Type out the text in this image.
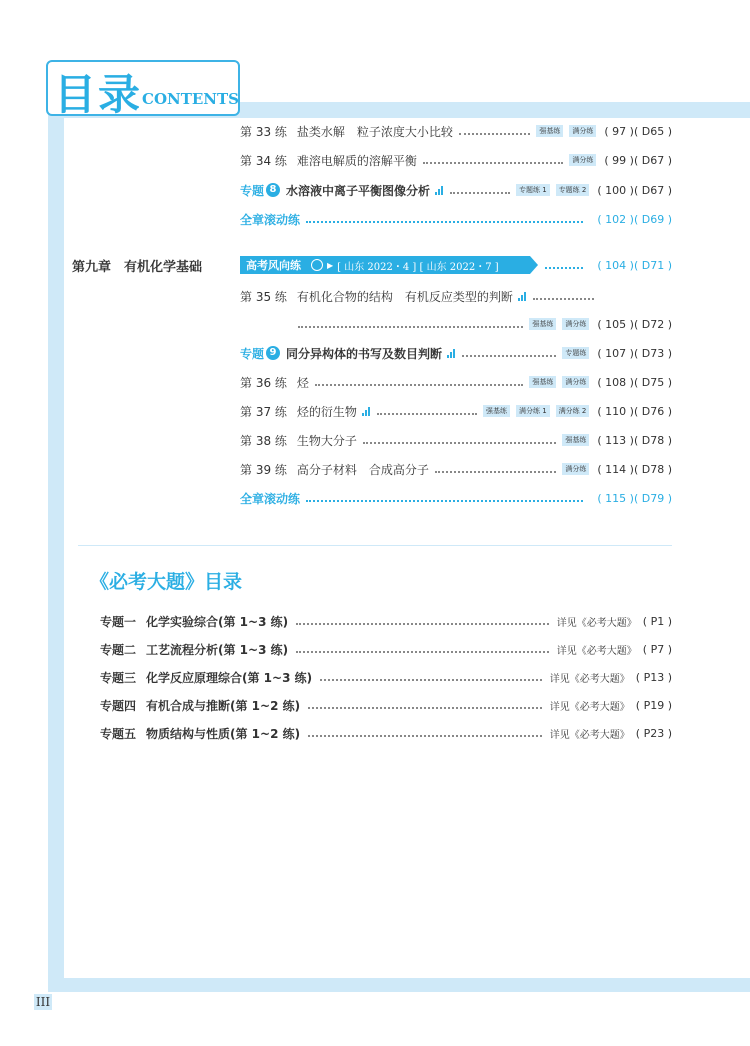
目录 CONTENTS
第 33 练 盐类水解　粒子浓度大小比较	强基练	满分练 ( 97 )( D65 )
第 34 练 难溶电解质的溶解平衡	满分练 ( 99 )( D67 )
专题 8 水溶液中离子平衡图像分析	专题练 1	专题练 2 ( 100 )( D67 )
全章滚动练	( 102 )( D69 )
第九章　有机化学基础	高考风向练	▶ [ 山东 2022・4 ] [ 山东 2022・7 ]	( 104 )( D71 )
第 35 练 有机化合物的结构　有机反应类型的判断
强基练	满分练 ( 105 )( D72 )
专题 9 同分异构体的书写及数目判断	专题练 ( 107 )( D73 )
第 36 练 烃	强基练	满分练 ( 108 )( D75 )
第 37 练 烃的衍生物	强基练	满分练 1	满分练 2 ( 110 )( D76 )
第 38 练 生物大分子	强基练 ( 113 )( D78 )
第 39 练 高分子材料　合成高分子	满分练 ( 114 )( D78 )
全章滚动练	( 115 )( D79 )
《必考大题》目录
专题一 化学实验综合(第 1~3 练)	详见《必考大题》 ( P1 )
专题二 工艺流程分析(第 1~3 练)	详见《必考大题》 ( P7 )
专题三 化学反应原理综合(第 1~3 练)	详见《必考大题》 ( P13 )
专题四 有机合成与推断(第 1~2 练)	详见《必考大题》 ( P19 )
专题五 物质结构与性质(第 1~2 练)	详见《必考大题》 ( P23 )
III
